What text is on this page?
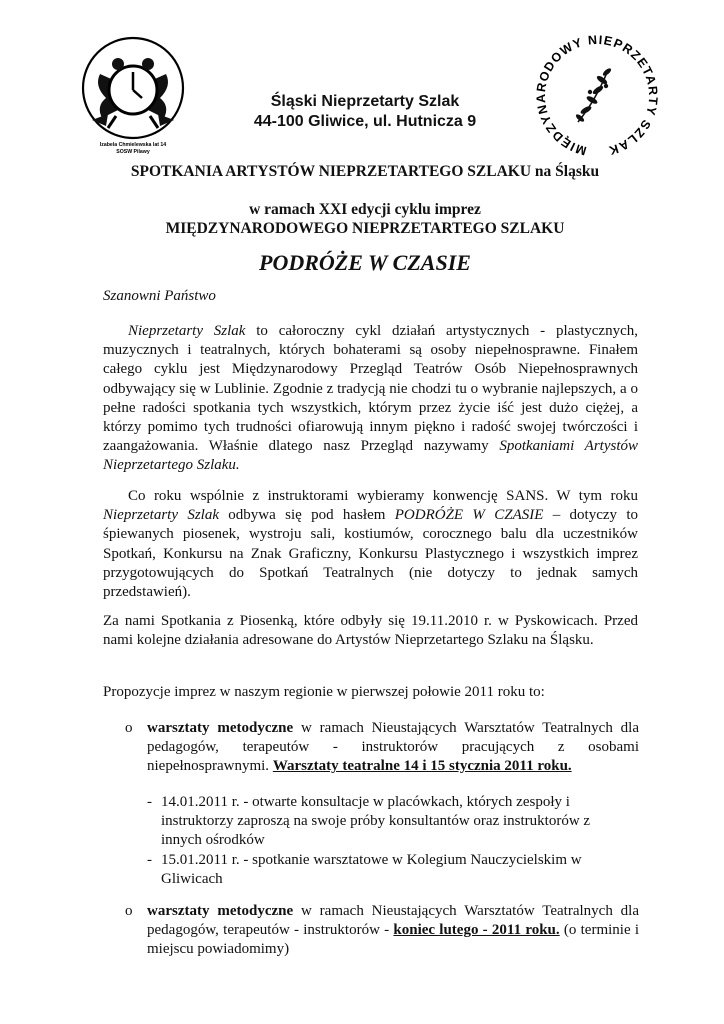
Izabela Chmielewska lat 14
SOSW Pilawy	MIĘDZYNARODOWY NIEPRZETARTY SZLAK
Śląski Nieprzetarty Szlak
44-100 Gliwice, ul. Hutnicza 9
SPOTKANIA ARTYSTÓW NIEPRZETARTEGO SZLAKU na Śląsku
w ramach XXI edycji cyklu imprez
MIĘDZYNARODOWEGO NIEPRZETARTEGO SZLAKU
PODRÓŻE W CZASIE
Szanowni Państwo
Nieprzetarty Szlak to całoroczny cykl działań artystycznych - plastycznych, muzycznych i teatralnych, których bohaterami są osoby niepełnosprawne. Finałem całego cyklu jest Międzynarodowy Przegląd Teatrów Osób Niepełnosprawnych odbywający się w Lublinie. Zgodnie z tradycją nie chodzi tu o wybranie najlepszych, a o pełne radości spotkania tych wszystkich, którym przez życie iść jest dużo ciężej, a którzy pomimo tych trudności ofiarowują innym piękno i radość swojej twórczości i zaangażowania. Właśnie dlatego nasz Przegląd nazywamy Spotkaniami Artystów Nieprzetartego Szlaku.
Co roku wspólnie z instruktorami wybieramy konwencję SANS. W tym roku Nieprzetarty Szlak odbywa się pod hasłem PODRÓŻE W CZASIE – dotyczy to śpiewanych piosenek, wystroju sali, kostiumów, corocznego balu dla uczestników Spotkań, Konkursu na Znak Graficzny, Konkursu Plastycznego i wszystkich imprez przygotowujących do Spotkań Teatralnych (nie dotyczy to jednak samych przedstawień).
Za nami Spotkania z Piosenką, które odbyły się 19.11.2010 r. w Pyskowicach. Przed nami kolejne działania adresowane do Artystów Nieprzetartego Szlaku na Śląsku.
Propozycje imprez w naszym regionie w pierwszej połowie 2011 roku to:
o warsztaty metodyczne w ramach Nieustających Warsztatów Teatralnych dla pedagogów, terapeutów - instruktorów pracujących z osobami niepełnosprawnymi. Warsztaty teatralne 14 i 15 stycznia 2011 roku.
- 14.01.2011 r. - otwarte konsultacje w placówkach, których zespoły i instruktorzy zaproszą na swoje próby konsultantów oraz instruktorów z innych ośrodków
- 15.01.2011 r. - spotkanie warsztatowe w Kolegium Nauczycielskim w Gliwicach
o warsztaty metodyczne w ramach Nieustających Warsztatów Teatralnych dla pedagogów, terapeutów - instruktorów - koniec lutego - 2011 roku. (o terminie i miejscu powiadomimy)
